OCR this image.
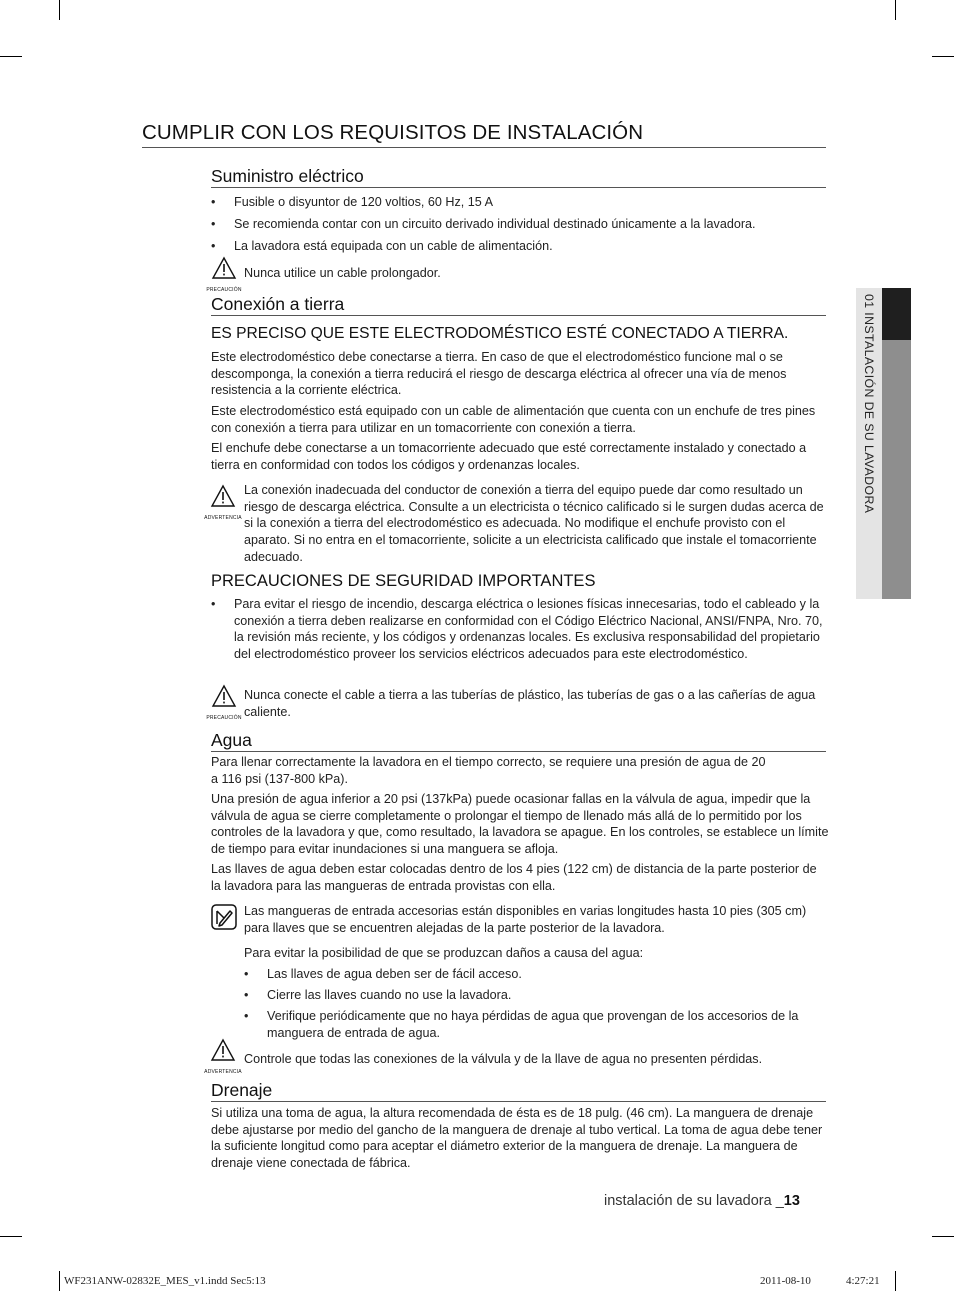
01 INSTALACIÓN DE SU LAVADORA
CUMPLIR CON LOS REQUISITOS DE INSTALACIÓN
Suministro eléctrico
• Fusible o disyuntor de 120 voltios, 60 Hz, 15 A
• Se recomienda contar con un circuito derivado individual destinado únicamente a la lavadora.
• La lavadora está equipada con un cable de alimentación.
PRECAUCIÓN
Nunca utilice un cable prolongador.
Conexión a tierra
ES PRECISO QUE ESTE ELECTRODOMÉSTICO ESTÉ CONECTADO A TIERRA.
Este electrodoméstico debe conectarse a tierra. En caso de que el electrodoméstico funcione mal o se descomponga, la conexión a tierra reducirá el riesgo de descarga eléctrica al ofrecer una vía de menos resistencia a la corriente eléctrica.
Este electrodoméstico está equipado con un cable de alimentación que cuenta con un enchufe de tres pines con conexión a tierra para utilizar en un tomacorriente con conexión a tierra.
El enchufe debe conectarse a un tomacorriente adecuado que esté correctamente instalado y conectado a tierra en conformidad con todos los códigos y ordenanzas locales.
ADVERTENCIA
La conexión inadecuada del conductor de conexión a tierra del equipo puede dar como resultado un riesgo de descarga eléctrica. Consulte a un electricista o técnico calificado si le surgen dudas acerca de si la conexión a tierra del electrodoméstico es adecuada. No modifique el enchufe provisto con el aparato. Si no entra en el tomacorriente, solicite a un electricista calificado que instale el tomacorriente adecuado.
PRECAUCIONES DE SEGURIDAD IMPORTANTES
• Para evitar el riesgo de incendio, descarga eléctrica o lesiones físicas innecesarias, todo el cableado y la conexión a tierra deben realizarse en conformidad con el Código Eléctrico Nacional, ANSI/FNPA, Nro. 70, la revisión más reciente, y los códigos y ordenanzas locales. Es exclusiva responsabilidad del propietario del electrodoméstico proveer los servicios eléctricos adecuados para este electrodoméstico.
PRECAUCIÓN
Nunca conecte el cable a tierra a las tuberías de plástico, las tuberías de gas o a las cañerías de agua caliente.
Agua
Para llenar correctamente la lavadora en el tiempo correcto, se requiere una presión de agua de 20 a 116 psi (137-800 kPa).
Una presión de agua inferior a 20 psi (137kPa) puede ocasionar fallas en la válvula de agua, impedir que la válvula de agua se cierre completamente o prolongar el tiempo de llenado más allá de lo permitido por los controles de la lavadora y que, como resultado, la lavadora se apague. En los controles, se establece un límite de tiempo para evitar inundaciones si una manguera se afloja.
Las llaves de agua deben estar colocadas dentro de los 4 pies (122 cm) de distancia de la parte posterior de la lavadora para las mangueras de entrada provistas con ella.
Las mangueras de entrada accesorias están disponibles en varias longitudes hasta 10 pies (305 cm) para llaves que se encuentren alejadas de la parte posterior de la lavadora.
Para evitar la posibilidad de que se produzcan daños a causa del agua:
• Las llaves de agua deben ser de fácil acceso.
• Cierre las llaves cuando no use la lavadora.
• Verifique periódicamente que no haya pérdidas de agua que provengan de los accesorios de la manguera de entrada de agua.
ADVERTENCIA
Controle que todas las conexiones de la válvula y de la llave de agua no presenten pérdidas.
Drenaje
Si utiliza una toma de agua, la altura recomendada de ésta es de 18 pulg. (46 cm). La manguera de drenaje debe ajustarse por medio del gancho de la manguera de drenaje al tubo vertical. La toma de agua debe tener la suficiente longitud como para aceptar el diámetro exterior de la manguera de drenaje. La manguera de drenaje viene conectada de fábrica.
instalación de su lavadora _13
WF231ANW-02832E_MES_v1.indd Sec5:13	2011-08-10	4:27:21
